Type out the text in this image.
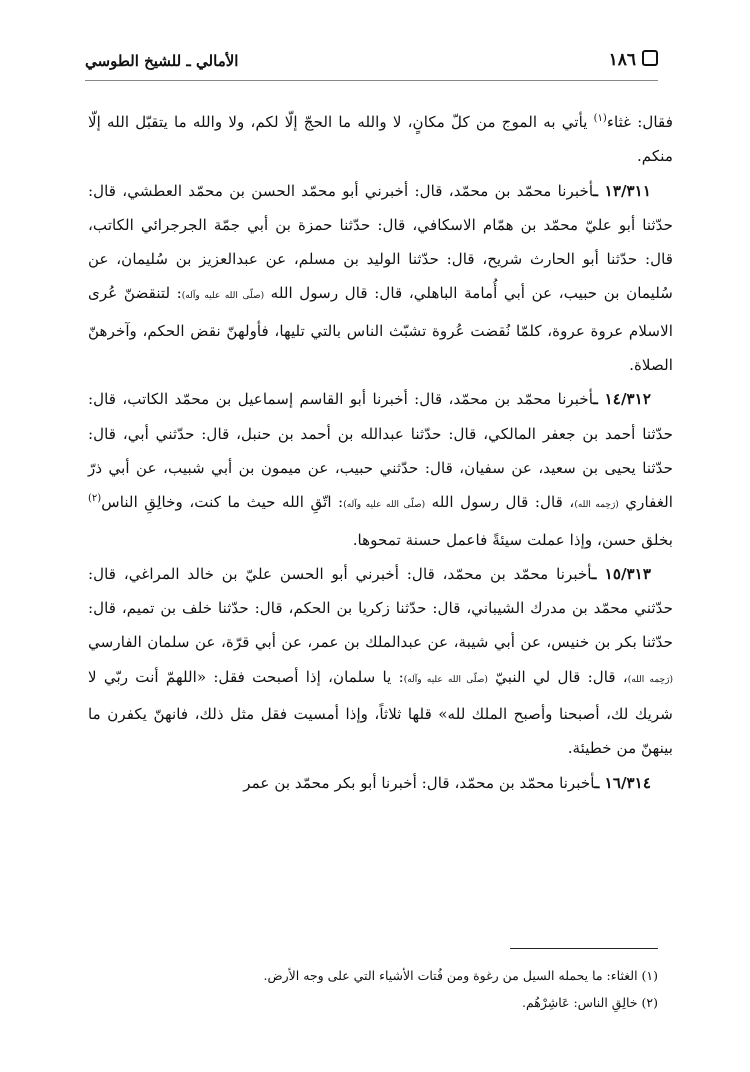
١٨٦
الأمالي ـ للشيخ الطوسي

فقال: غثاء$^{(١)}$ يأتي به الموج من كلّ مكانٍ، لا والله ما الحجّ إلّا لكم، ولا والله ما يتقبّل الله إلّا منكم.

١٣/٣١١ ـأخبرنا محمّد بن محمّد، قال: أخبرني أبو محمّد الحسن بن محمّد العطشي، قال: حدّثنا أبو عليّ محمّد بن همّام الاسكافي، قال: حدّثنا حمزة بن أبي جمّة الجرجرائي الكاتب، قال: حدّثنا أبو الحارث شريح، قال: حدّثنا الوليد بن مسلم، عن عبدالعزيز بن سُليمان، عن سُليمان بن حبيب، عن أبي أُمامة الباهلي، قال: قال رسول الله (صلّى الله عليه وآله): لتنقضنّ عُرى الاسلام عروة عروة، كلمّا نُقضت عُروة تشبّث الناس بالتي تليها، فأولهنّ نقض الحكم، وآخرهنّ الصلاة.

١٤/٣١٢ ـأخبرنا محمّد بن محمّد، قال: أخبرنا أبو القاسم إسماعيل بن محمّد الكاتب، قال: حدّثنا أحمد بن جعفر المالكي، قال: حدّثنا عبدالله بن أحمد بن حنبل، قال: حدّثني أبي، قال: حدّثنا يحيى بن سعيد، عن سفيان، قال: حدّثني حبيب، عن ميمون بن أبي شبيب، عن أبي ذرّ الغفاري (رَحِمه الله)، قال: قال رسول الله (صلّى الله عليه وآله): اتّقِ الله حيث ما كنت، وخالِقِ الناس$^{(٢)}$ بخلق حسن، وإذا عملت سيئةً فاعمل حسنة تمحوها.

١٥/٣١٣ ـأخبرنا محمّد بن محمّد، قال: أخبرني أبو الحسن عليّ بن خالد المراغي، قال: حدّثني محمّد بن مدرك الشيباني، قال: حدّثنا زكريا بن الحكم، قال: حدّثنا خلف بن تميم، قال: حدّثنا بكر بن خنيس، عن أبي شيبة، عن عبدالملك بن عمر، عن أبي قرّة، عن سلمان الفارسي (رَحِمه الله)، قال: قال لي النبيّ (صلّى الله عليه وآله): يا سلمان، إذا أصبحت فقل: «اللهمّ أنت ربّي لا شريك لك، أصبحنا وأصبح الملك لله» قلها ثلاثاً، وإذا أمسيت فقل مثل ذلك، فانهنّ يكفرن ما بينهنّ من خطيئة.

١٦/٣١٤ ـأخبرنا محمّد بن محمّد، قال: أخبرنا أبو بكر محمّد بن عمر

(١) الغثاء: ما يحمله السيل من رغوة ومن فُتات الأشياء التي على وجه الأرض.
(٢) خالِقِ الناس: عَاشِرْهُم.
